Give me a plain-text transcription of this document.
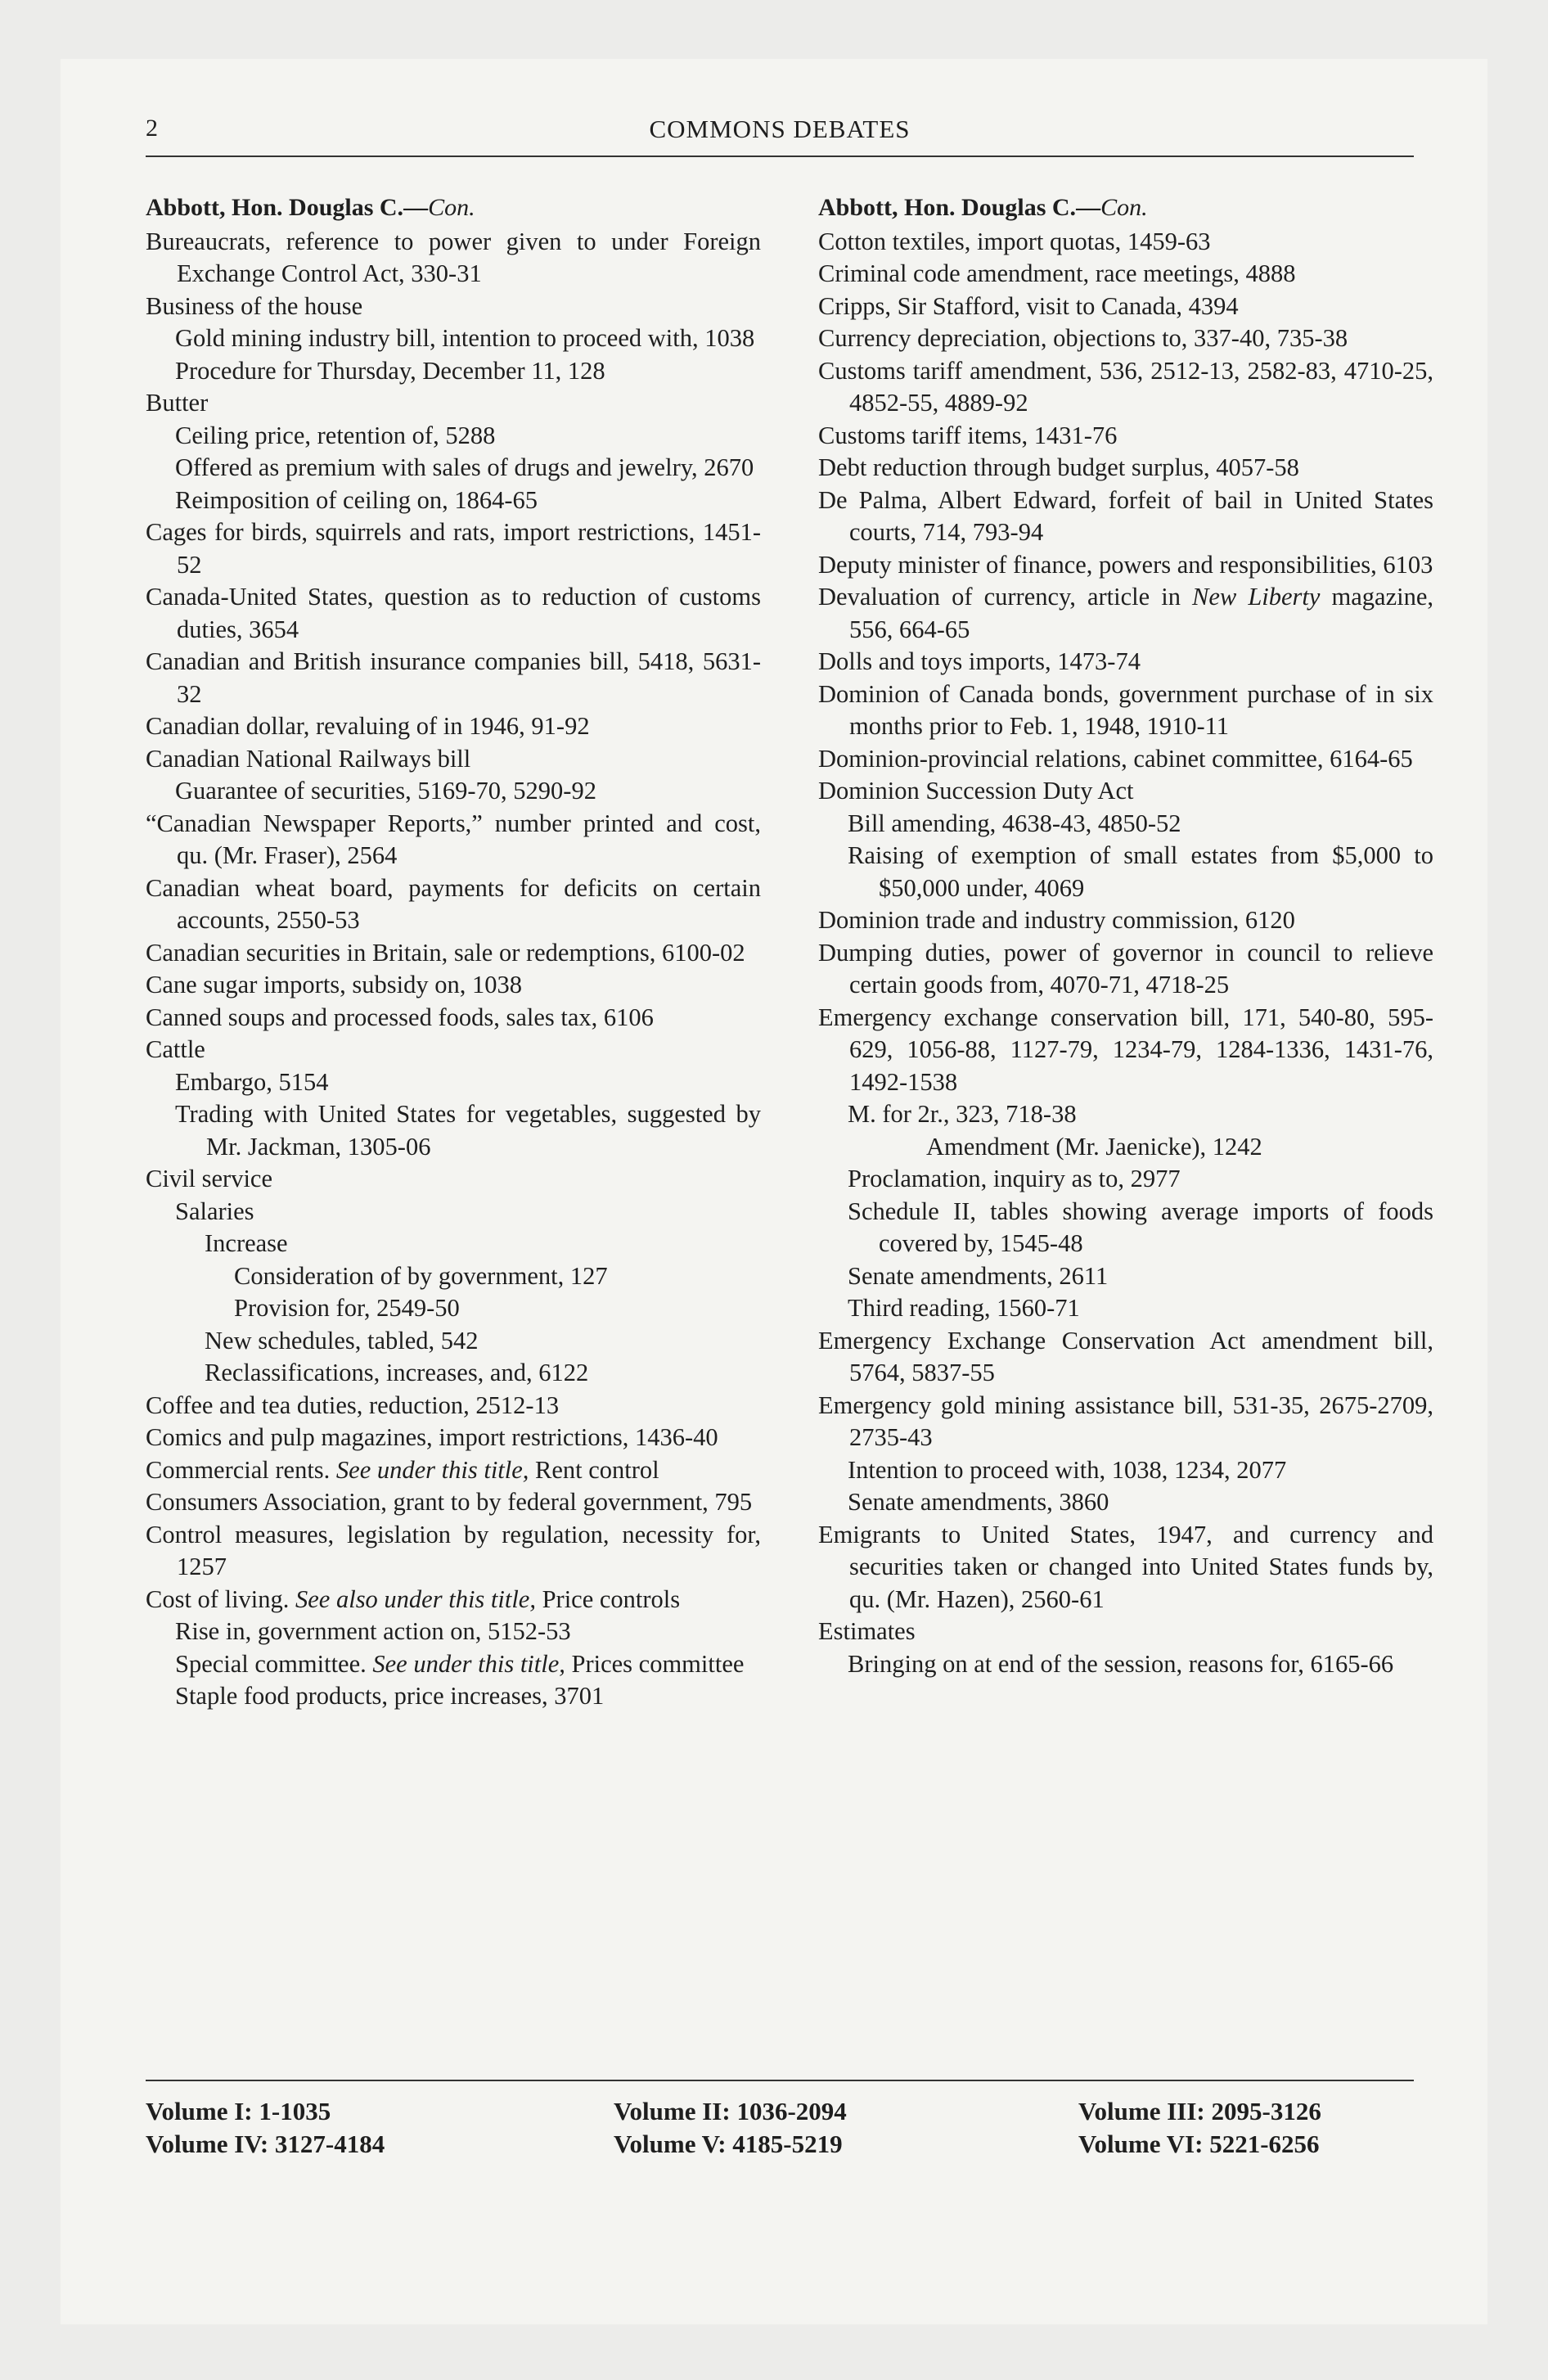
2	COMMONS DEBATES
Abbott, Hon. Douglas C.—Con.

Bureaucrats, reference to power given to under Foreign Exchange Control Act, 330-31

Business of the house

Gold mining industry bill, intention to proceed with, 1038

Procedure for Thursday, December 11, 128

Butter

Ceiling price, retention of, 5288

Offered as premium with sales of drugs and jewelry, 2670

Reimposition of ceiling on, 1864-65

Cages for birds, squirrels and rats, import restrictions, 1451-52

Canada-United States, question as to reduction of customs duties, 3654

Canadian and British insurance companies bill, 5418, 5631-32

Canadian dollar, revaluing of in 1946, 91-92

Canadian National Railways bill

Guarantee of securities, 5169-70, 5290-92

“Canadian Newspaper Reports,” number printed and cost, qu. (Mr. Fraser), 2564

Canadian wheat board, payments for deficits on certain accounts, 2550-53

Canadian securities in Britain, sale or redemptions, 6100-02

Cane sugar imports, subsidy on, 1038

Canned soups and processed foods, sales tax, 6106

Cattle

Embargo, 5154

Trading with United States for vegetables, suggested by Mr. Jackman, 1305-06

Civil service

Salaries

Increase

Consideration of by government, 127

Provision for, 2549-50

New schedules, tabled, 542

Reclassifications, increases, and, 6122

Coffee and tea duties, reduction, 2512-13

Comics and pulp magazines, import restrictions, 1436-40

Commercial rents. See under this title, Rent control

Consumers Association, grant to by federal government, 795

Control measures, legislation by regulation, necessity for, 1257

Cost of living. See also under this title, Price controls

Rise in, government action on, 5152-53

Special committee. See under this title, Prices committee

Staple food products, price increases, 3701

Abbott, Hon. Douglas C.—Con.

Cotton textiles, import quotas, 1459-63

Criminal code amendment, race meetings, 4888

Cripps, Sir Stafford, visit to Canada, 4394

Currency depreciation, objections to, 337-40, 735-38

Customs tariff amendment, 536, 2512-13, 2582-83, 4710-25, 4852-55, 4889-92

Customs tariff items, 1431-76

Debt reduction through budget surplus, 4057-58

De Palma, Albert Edward, forfeit of bail in United States courts, 714, 793-94

Deputy minister of finance, powers and responsibilities, 6103

Devaluation of currency, article in New Liberty magazine, 556, 664-65

Dolls and toys imports, 1473-74

Dominion of Canada bonds, government purchase of in six months prior to Feb. 1, 1948, 1910-11

Dominion-provincial relations, cabinet committee, 6164-65

Dominion Succession Duty Act

Bill amending, 4638-43, 4850-52

Raising of exemption of small estates from $5,000 to $50,000 under, 4069

Dominion trade and industry commission, 6120

Dumping duties, power of governor in council to relieve certain goods from, 4070-71, 4718-25

Emergency exchange conservation bill, 171, 540-80, 595-629, 1056-88, 1127-79, 1234-79, 1284-1336, 1431-76, 1492-1538

M. for 2r., 323, 718-38

Amendment (Mr. Jaenicke), 1242

Proclamation, inquiry as to, 2977

Schedule II, tables showing average imports of foods covered by, 1545-48

Senate amendments, 2611

Third reading, 1560-71

Emergency Exchange Conservation Act amendment bill, 5764, 5837-55

Emergency gold mining assistance bill, 531-35, 2675-2709, 2735-43

Intention to proceed with, 1038, 1234, 2077

Senate amendments, 3860

Emigrants to United States, 1947, and currency and securities taken or changed into United States funds by, qu. (Mr. Hazen), 2560-61

Estimates

Bringing on at end of the session, reasons for, 6165-66

Volume I: 1-1035	Volume II: 1036-2094	Volume III: 2095-3126
Volume IV: 3127-4184	Volume V: 4185-5219	Volume VI: 5221-6256
